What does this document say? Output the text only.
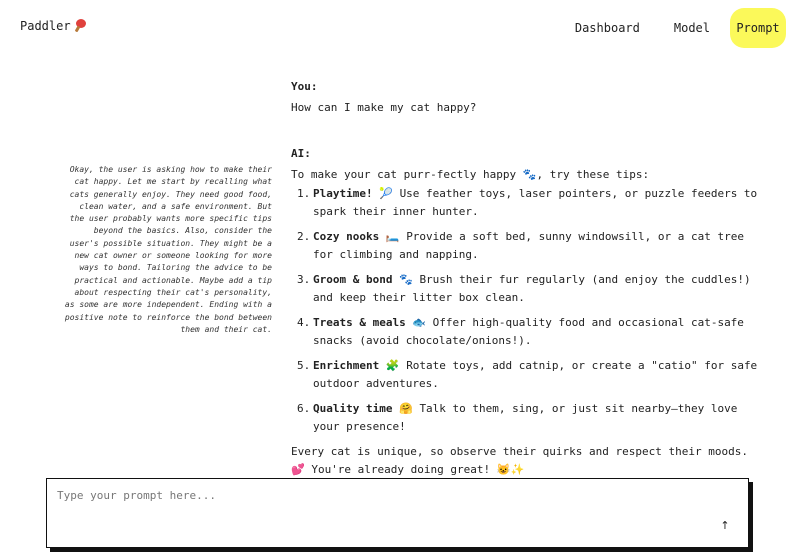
Paddler	Dashboard	Model	Prompt
Okay, the user is asking how to make their cat happy. Let me start by recalling what cats generally enjoy. They need good food, clean water, and a safe environment. But the user probably wants more specific tips beyond the basics. Also, consider the user's possible situation. They might be a new cat owner or someone looking for more ways to bond. Tailoring the advice to be practical and actionable. Maybe add a tip about respecting their cat's personality, as some are more independent. Ending with a positive note to reinforce the bond between them and their cat.
You:
How can I make my cat happy?
AI:
To make your cat purr-fectly happy 🐾, try these tips:
1. Playtime! 🎾 Use feather toys, laser pointers, or puzzle feeders to spark their inner hunter.
2. Cozy nooks 🛏️ Provide a soft bed, sunny windowsill, or a cat tree for climbing and napping.
3. Groom & bond 🐾 Brush their fur regularly (and enjoy the cuddles!) and keep their litter box clean.
4. Treats & meals 🐟 Offer high-quality food and occasional cat-safe snacks (avoid chocolate/onions!).
5. Enrichment 🧩 Rotate toys, add catnip, or create a "catio" for safe outdoor adventures.
6. Quality time 🤗 Talk to them, sing, or just sit nearby—they love your presence!
Every cat is unique, so observe their quirks and respect their moods. 💕 You're already doing great! 😺✨
Type your prompt here...
↑
